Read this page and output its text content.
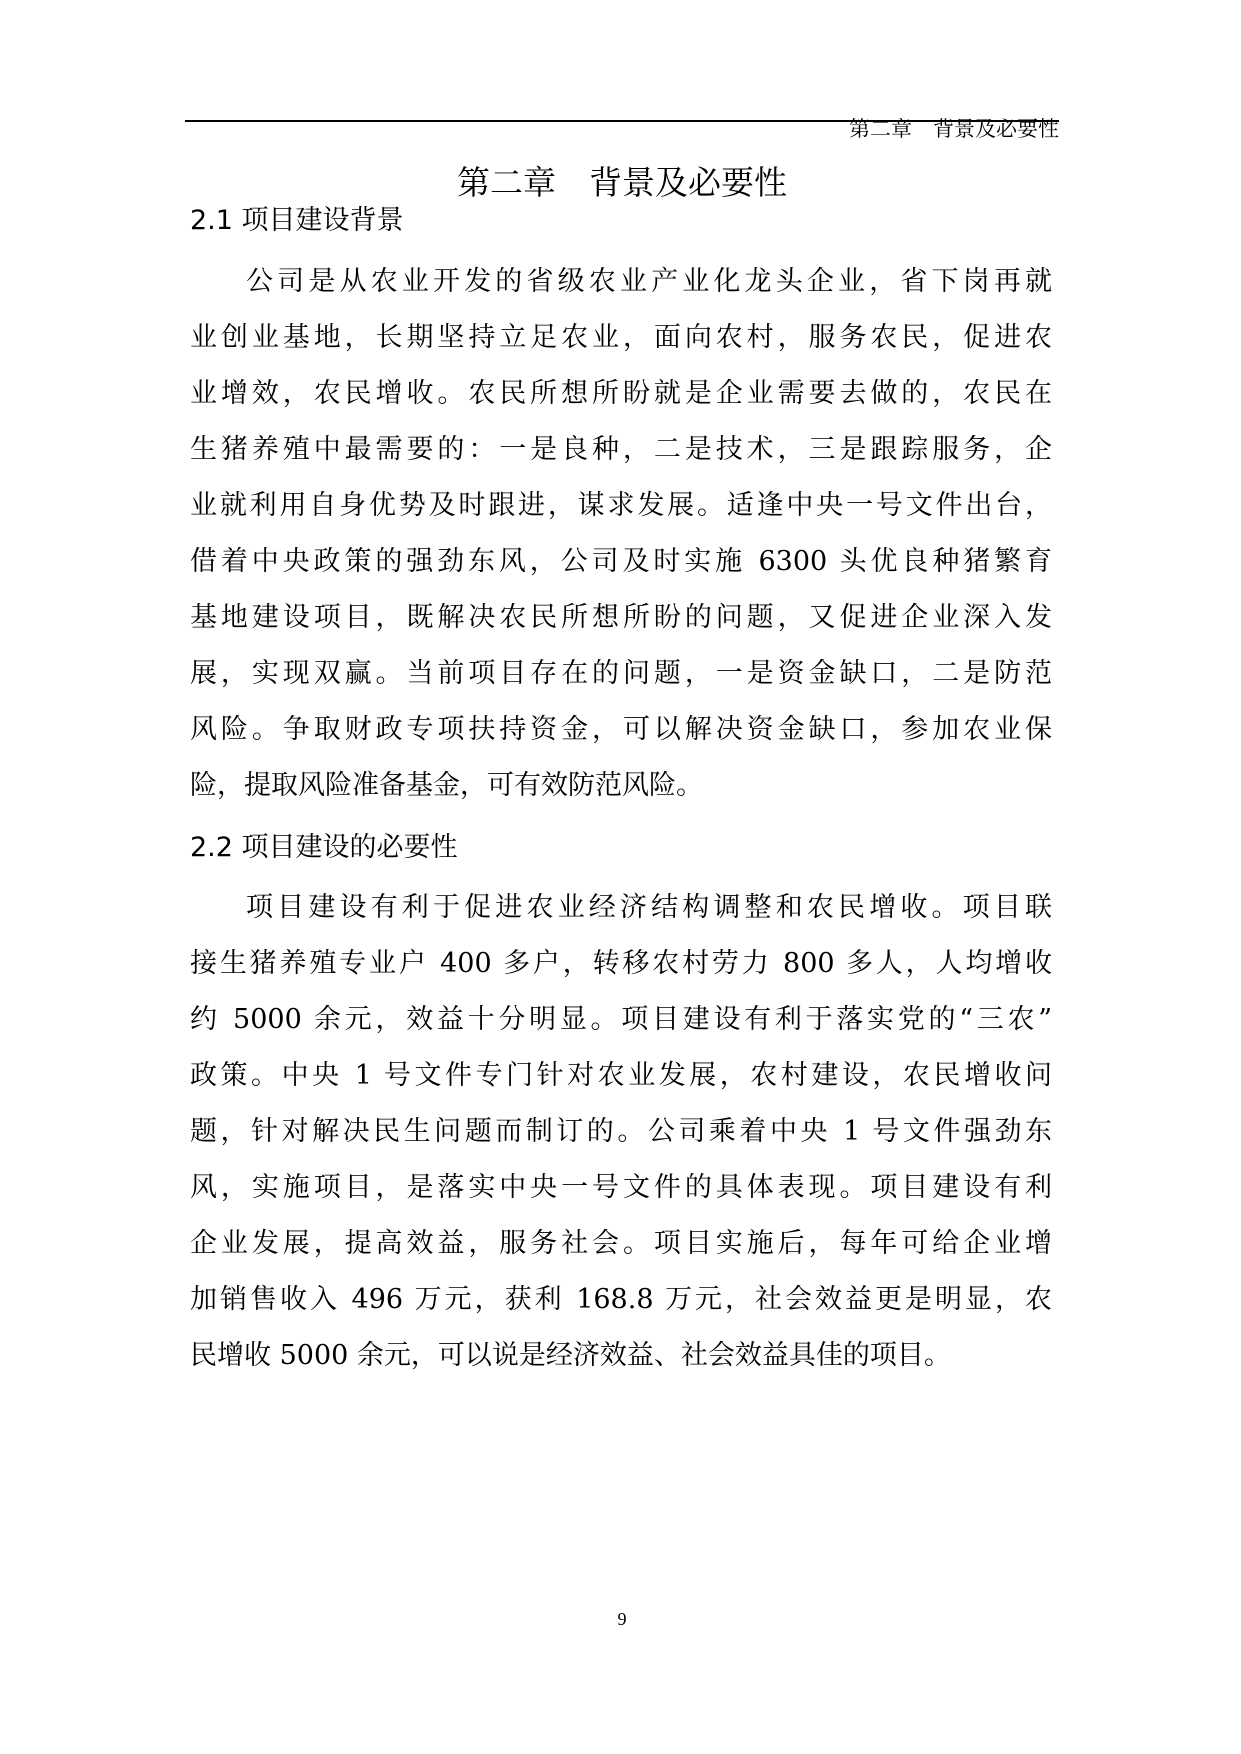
第二章　背景及必要性

第二章　背景及必要性
2.1 项目建设背景
公司是从农业开发的省级农业产业化龙头企业，省下岗再就
业创业基地，长期坚持立足农业，面向农村，服务农民，促进农
业增效，农民增收。农民所想所盼就是企业需要去做的，农民在
生猪养殖中最需要的：一是良种，二是技术，三是跟踪服务，企
业就利用自身优势及时跟进，谋求发展。适逢中央一号文件出台，
借着中央政策的强劲东风，公司及时实施 6300 头优良种猪繁育
基地建设项目，既解决农民所想所盼的问题，又促进企业深入发
展，实现双赢。当前项目存在的问题，一是资金缺口，二是防范
风险。争取财政专项扶持资金，可以解决资金缺口，参加农业保
险，提取风险准备基金，可有效防范风险。
2.2 项目建设的必要性
项目建设有利于促进农业经济结构调整和农民增收。项目联
接生猪养殖专业户 400 多户，转移农村劳力 800 多人，人均增收
约 5000 余元，效益十分明显。项目建设有利于落实党的“三农”
政策。中央 1 号文件专门针对农业发展，农村建设，农民增收问
题，针对解决民生问题而制订的。公司乘着中央 1 号文件强劲东
风，实施项目，是落实中央一号文件的具体表现。项目建设有利
企业发展，提高效益，服务社会。项目实施后，每年可给企业增
加销售收入 496 万元，获利 168.8 万元，社会效益更是明显，农
民增收 5000 余元，可以说是经济效益、社会效益具佳的项目。
9
